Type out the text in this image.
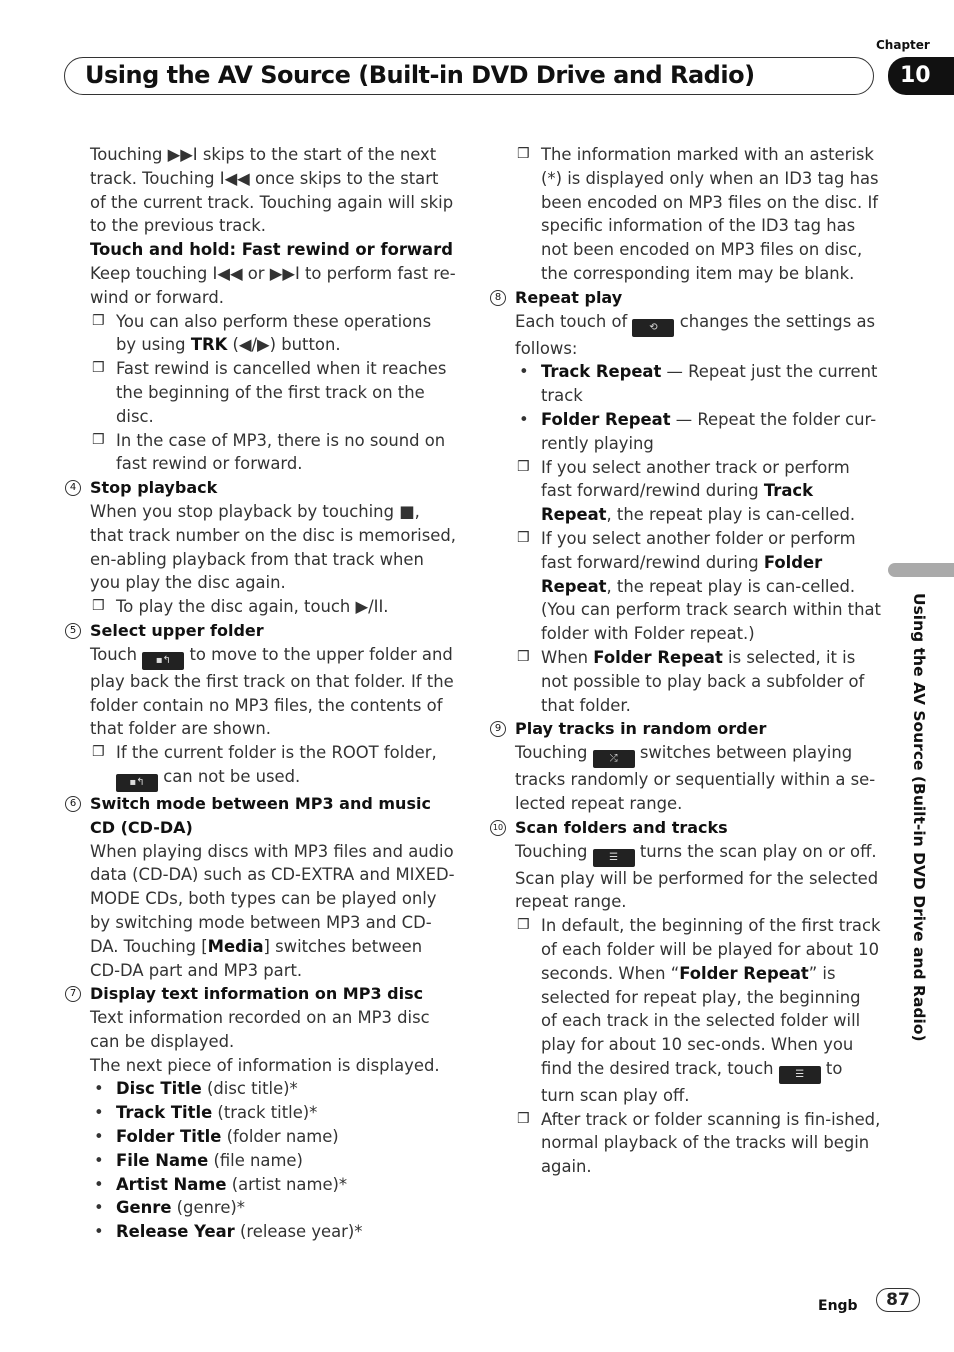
Chapter
Using the AV Source (Built-in DVD Drive and Radio)	10
Using the AV Source (Built-in DVD Drive and Radio)

Touching ▶▶I skips to the start of the next track. Touching I◀◀ once skips to the start of the current track. Touching again will skip to the previous track.

Touch and hold: Fast rewind or forward

Keep touching I◀◀ or ▶▶I to perform fast re-wind or forward.

❒ You can also perform these operations by using TRK (◀/▶) button.

❒ Fast rewind is cancelled when it reaches the beginning of the first track on the disc.

❒ In the case of MP3, there is no sound on fast rewind or forward.

4 Stop playback

When you stop playback by touching ■, that track number on the disc is memorised, en-abling playback from that track when you play the disc again.

❒ To play the disc again, touch ▶/II.

5 Select upper folder

Touch ▪↰ to move to the upper folder and play back the first track on that folder. If the folder contain no MP3 files, the contents of that folder are shown.

❒ If the current folder is the ROOT folder,
▪↰ can not be used.

6 Switch mode between MP3 and music CD (CD-DA)

When playing discs with MP3 files and audio data (CD-DA) such as CD-EXTRA and MIXED-MODE CDs, both types can be played only by switching mode between MP3 and CD-DA. Touching [Media] switches between CD-DA part and MP3 part.

7 Display text information on MP3 disc

Text information recorded on an MP3 disc can be displayed.

The next piece of information is displayed.

• Disc Title (disc title)*

• Track Title (track title)*

• Folder Title (folder name)

• File Name (file name)

• Artist Name (artist name)*

• Genre (genre)*

• Release Year (release year)*

❒ The information marked with an asterisk (*) is displayed only when an ID3 tag has been encoded on MP3 files on the disc. If specific information of the ID3 tag has not been encoded on MP3 files on disc, the corresponding item may be blank.

8 Repeat play

Each touch of ⟲ changes the settings as follows:

• Track Repeat — Repeat just the current track

• Folder Repeat — Repeat the folder cur-rently playing

❒ If you select another track or perform fast forward/rewind during Track Repeat, the repeat play is can-celled.

❒ If you select another folder or perform fast forward/rewind during Folder Repeat, the repeat play is can-celled. (You can perform track search within that folder with Folder repeat.)

❒ When Folder Repeat is selected, it is not possible to play back a subfolder of that folder.

9 Play tracks in random order

Touching ⤮ switches between playing tracks randomly or sequentially within a se-lected repeat range.

10 Scan folders and tracks

Touching ☰ turns the scan play on or off. Scan play will be performed for the selected repeat range.

❒ In default, the beginning of the first track of each folder will be played for about 10 seconds. When “Folder Repeat” is selected for repeat play, the beginning of each track in the selected folder will play for about 10 sec-onds. When you find the desired track, touch ☰ to turn scan play off.

❒ After track or folder scanning is fin-ished, normal playback of the tracks will begin again.

Engb	87
